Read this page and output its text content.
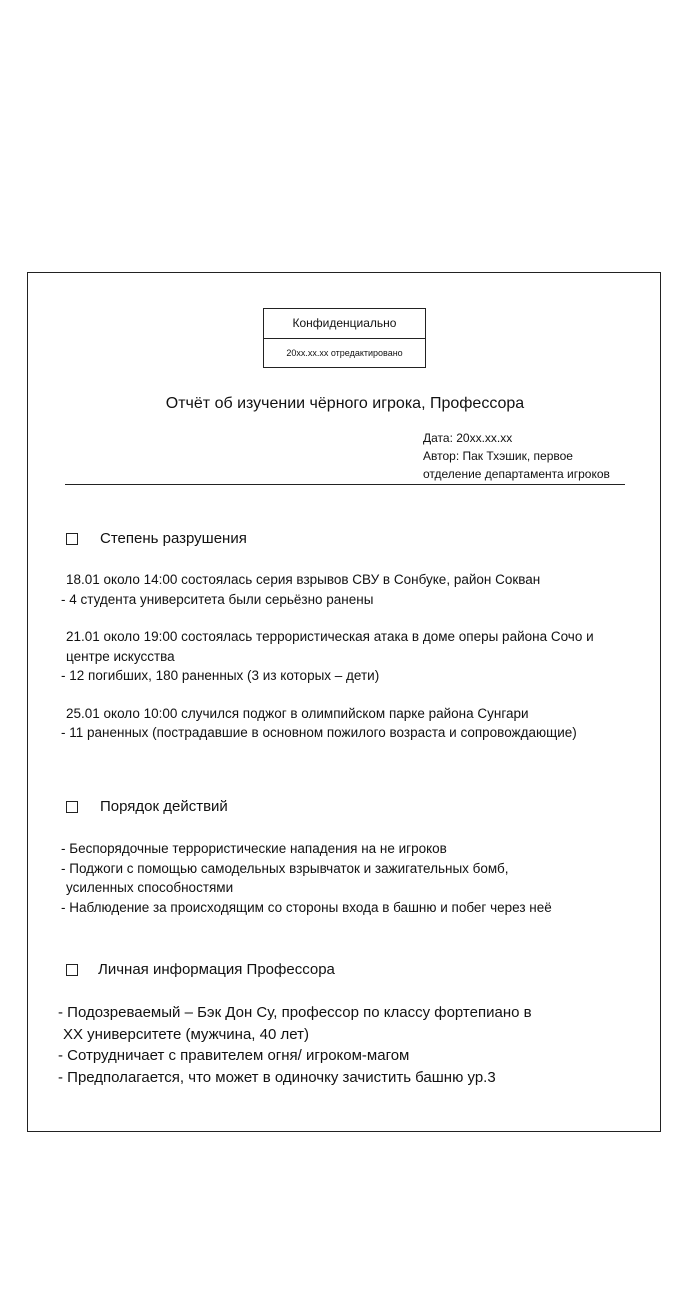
Конфиденциально
20хх.хх.хх отредактировано
Отчёт об изучении чёрного игрока, Профессора
Дата: 20хх.хх.хх
Автор: Пак Тхэшик, первое
отделение департамента игроков
Степень разрушения
18.01 около 14:00 состоялась серия взрывов СВУ в Сонбуке, район Сокван
- 4 студента университета были серьёзно ранены
21.01 около 19:00 состоялась террористическая атака в доме оперы района Сочо и
центре искусства
- 12 погибших, 180 раненных (3 из которых – дети)
25.01 около 10:00 случился поджог в олимпийском парке района Сунгари
- 11 раненных (пострадавшие в основном пожилого возраста и сопровождающие)
Порядок действий
- Беспорядочные террористические нападения на не игроков
- Поджоги с помощью самодельных взрывчаток и зажигательных бомб,
усиленных способностями
- Наблюдение за происходящим со стороны входа в башню и побег через неё
Личная информация Профессора
- Подозреваемый – Бэк Дон Су, профессор по классу фортепиано в
XX университете (мужчина, 40 лет)
- Сотрудничает с правителем огня/ игроком-магом
- Предполагается, что может в одиночку зачистить башню ур.3
